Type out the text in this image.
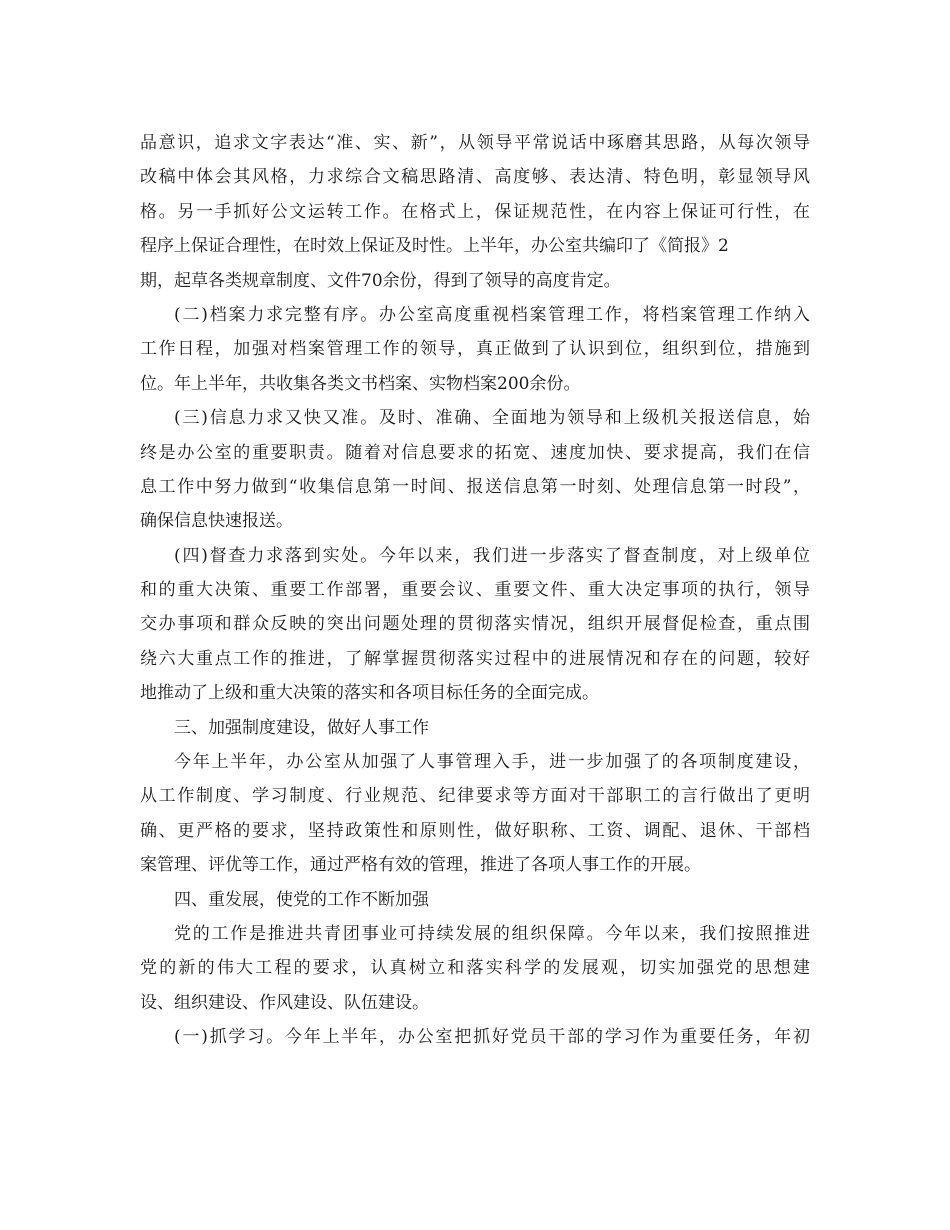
品意识，追求文字表达“准、实、新”，从领导平常说话中琢磨其思路，从每次领导
改稿中体会其风格，力求综合文稿思路清、高度够、表达清、特色明，彰显领导风
格。另一手抓好公文运转工作。在格式上，保证规范性，在内容上保证可行性，在
程序上保证合理性，在时效上保证及时性。上半年，办公室共编印了《简报》2
期，起草各类规章制度、文件70余份，得到了领导的高度肯定。
(二)档案力求完整有序。办公室高度重视档案管理工作，将档案管理工作纳入
工作日程，加强对档案管理工作的领导，真正做到了认识到位，组织到位，措施到
位。年上半年，共收集各类文书档案、实物档案200余份。
(三)信息力求又快又准。及时、准确、全面地为领导和上级机关报送信息，始
终是办公室的重要职责。随着对信息要求的拓宽、速度加快、要求提高，我们在信
息工作中努力做到“收集信息第一时间、报送信息第一时刻、处理信息第一时段”，
确保信息快速报送。
(四)督查力求落到实处。今年以来，我们进一步落实了督查制度，对上级单位
和的重大决策、重要工作部署，重要会议、重要文件、重大决定事项的执行，领导
交办事项和群众反映的突出问题处理的贯彻落实情况，组织开展督促检查，重点围
绕六大重点工作的推进，了解掌握贯彻落实过程中的进展情况和存在的问题，较好
地推动了上级和重大决策的落实和各项目标任务的全面完成。
三、加强制度建设，做好人事工作
今年上半年，办公室从加强了人事管理入手，进一步加强了的各项制度建设，
从工作制度、学习制度、行业规范、纪律要求等方面对干部职工的言行做出了更明
确、更严格的要求，坚持政策性和原则性，做好职称、工资、调配、退休、干部档
案管理、评优等工作，通过严格有效的管理，推进了各项人事工作的开展。
四、重发展，使党的工作不断加强
党的工作是推进共青团事业可持续发展的组织保障。今年以来，我们按照推进
党的新的伟大工程的要求，认真树立和落实科学的发展观，切实加强党的思想建
设、组织建设、作风建设、队伍建设。
(一)抓学习。今年上半年，办公室把抓好党员干部的学习作为重要任务，年初
